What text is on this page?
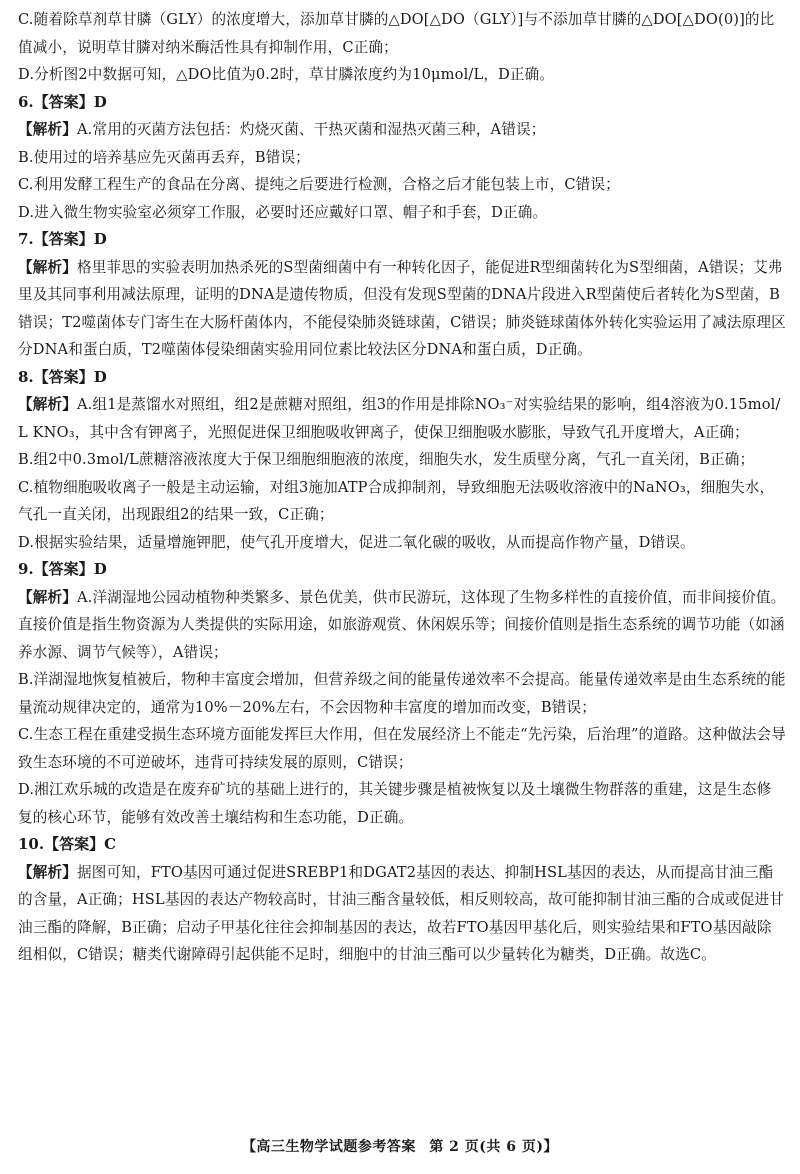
C.随着除草剂草甘膦（GLY）的浓度增大，添加草甘膦的△DO[△DO（GLY）]与不添加草甘膦的△DO[△DO(0)]的比值减小，说明草甘膦对纳米酶活性具有抑制作用，C正确；

D.分析图2中数据可知，△DO比值为0.2时，草甘膦浓度约为10μmol/L，D正确。

6.【答案】D

【解析】A.常用的灭菌方法包括：灼烧灭菌、干热灭菌和湿热灭菌三种，A错误；

B.使用过的培养基应先灭菌再丢弃，B错误；

C.利用发酵工程生产的食品在分离、提纯之后要进行检测，合格之后才能包装上市，C错误；

D.进入微生物实验室必须穿工作服，必要时还应戴好口罩、帽子和手套，D正确。

7.【答案】D

【解析】格里菲思的实验表明加热杀死的S型菌细菌中有一种转化因子，能促进R型细菌转化为S型细菌，A错误；艾弗里及其同事利用减法原理，证明的DNA是遗传物质，但没有发现S型菌的DNA片段进入R型菌使后者转化为S型菌，B错误；T2噬菌体专门寄生在大肠杆菌体内，不能侵染肺炎链球菌，C错误；肺炎链球菌体外转化实验运用了减法原理区分DNA和蛋白质，T2噬菌体侵染细菌实验用同位素比较法区分DNA和蛋白质，D正确。

8.【答案】D

【解析】A.组1是蒸馏水对照组，组2是蔗糖对照组，组3的作用是排除NO₃⁻对实验结果的影响，组4溶液为0.15mol/L KNO₃，其中含有钾离子，光照促进保卫细胞吸收钾离子，使保卫细胞吸水膨胀，导致气孔开度增大，A正确；

B.组2中0.3mol/L蔗糖溶液浓度大于保卫细胞细胞液的浓度，细胞失水，发生质壁分离，气孔一直关闭，B正确；

C.植物细胞吸收离子一般是主动运输，对组3施加ATP合成抑制剂，导致细胞无法吸收溶液中的NaNO₃，细胞失水，气孔一直关闭，出现跟组2的结果一致，C正确；

D.根据实验结果，适量增施钾肥，使气孔开度增大，促进二氧化碳的吸收，从而提高作物产量，D错误。

9.【答案】D

【解析】A.洋湖湿地公园动植物种类繁多、景色优美，供市民游玩，这体现了生物多样性的直接价值，而非间接价值。直接价值是指生物资源为人类提供的实际用途，如旅游观赏、休闲娱乐等；间接价值则是指生态系统的调节功能（如涵养水源、调节气候等），A错误；

B.洋湖湿地恢复植被后，物种丰富度会增加，但营养级之间的能量传递效率不会提高。能量传递效率是由生态系统的能量流动规律决定的，通常为10%－20%左右，不会因物种丰富度的增加而改变，B错误；

C.生态工程在重建受损生态环境方面能发挥巨大作用，但在发展经济上不能走“先污染，后治理”的道路。这种做法会导致生态环境的不可逆破坏，违背可持续发展的原则，C错误；

D.湘江欢乐城的改造是在废弃矿坑的基础上进行的，其关键步骤是植被恢复以及土壤微生物群落的重建，这是生态修复的核心环节，能够有效改善土壤结构和生态功能，D正确。

10.【答案】C

【解析】据图可知，FTO基因可通过促进SREBP1和DGAT2基因的表达、抑制HSL基因的表达，从而提高甘油三酯的含量，A正确；HSL基因的表达产物较高时，甘油三酯含量较低，相反则较高，故可能抑制甘油三酯的合成或促进甘油三酯的降解，B正确；启动子甲基化往往会抑制基因的表达，故若FTO基因甲基化后，则实验结果和FTO基因敲除组相似，C错误；糖类代谢障碍引起供能不足时，细胞中的甘油三酯可以少量转化为糖类，D正确。故选C。

【高三生物学试题参考答案 第 2 页(共 6 页)】
